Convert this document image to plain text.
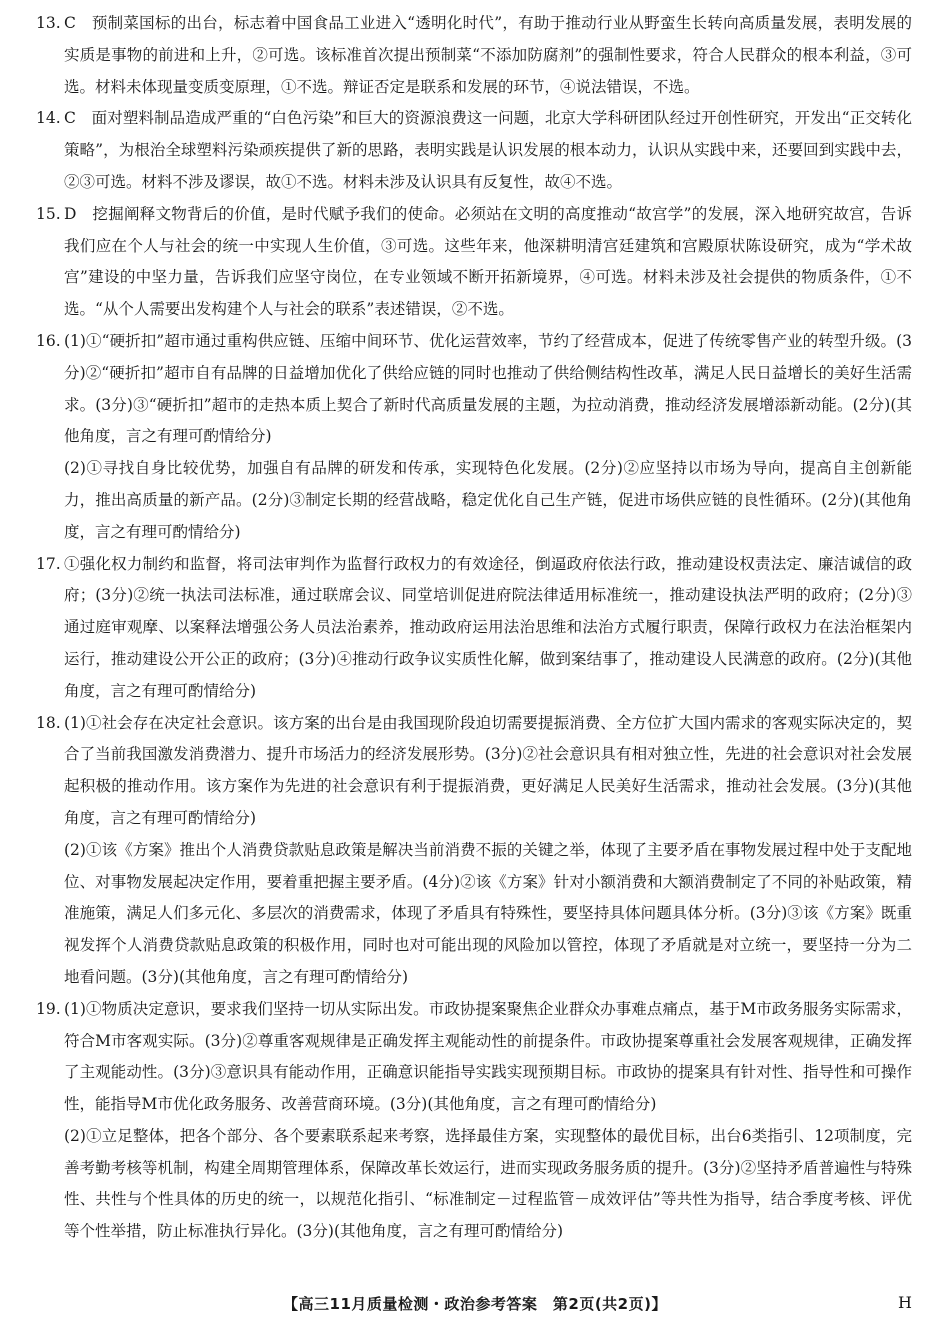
13. C　预制菜国标的出台，标志着中国食品工业进入“透明化时代”，有助于推动行业从野蛮生长转向高质量发展，表明发展的实质是事物的前进和上升，②可选。该标准首次提出预制菜“不添加防腐剂”的强制性要求，符合人民群众的根本利益，③可选。材料未体现量变质变原理，①不选。辩证否定是联系和发展的环节，④说法错误，不选。

14. C　面对塑料制品造成严重的“白色污染”和巨大的资源浪费这一问题，北京大学科研团队经过开创性研究，开发出“正交转化策略”，为根治全球塑料污染顽疾提供了新的思路，表明实践是认识发展的根本动力，认识从实践中来，还要回到实践中去，②③可选。材料不涉及谬误，故①不选。材料未涉及认识具有反复性，故④不选。

15. D　挖掘阐释文物背后的价值，是时代赋予我们的使命。必须站在文明的高度推动“故宫学”的发展，深入地研究故宫，告诉我们应在个人与社会的统一中实现人生价值，③可选。这些年来，他深耕明清宫廷建筑和宫殿原状陈设研究，成为“学术故宫”建设的中坚力量，告诉我们应坚守岗位，在专业领域不断开拓新境界，④可选。材料未涉及社会提供的物质条件，①不选。“从个人需要出发构建个人与社会的联系”表述错误，②不选。

16. (1)①“硬折扣”超市通过重构供应链、压缩中间环节、优化运营效率，节约了经营成本，促进了传统零售产业的转型升级。(3分)②“硬折扣”超市自有品牌的日益增加优化了供给应链的同时也推动了供给侧结构性改革，满足人民日益增长的美好生活需求。(3分)③“硬折扣”超市的走热本质上契合了新时代高质量发展的主题，为拉动消费，推动经济发展增添新动能。(2分)(其他角度，言之有理可酌情给分)

(2)①寻找自身比较优势，加强自有品牌的研发和传承，实现特色化发展。(2分)②应坚持以市场为导向，提高自主创新能力，推出高质量的新产品。(2分)③制定长期的经营战略，稳定优化自己生产链，促进市场供应链的良性循环。(2分)(其他角度，言之有理可酌情给分)

17. ①强化权力制约和监督，将司法审判作为监督行政权力的有效途径，倒逼政府依法行政，推动建设权责法定、廉洁诚信的政府；(3分)②统一执法司法标准，通过联席会议、同堂培训促进府院法律适用标准统一，推动建设执法严明的政府；(2分)③通过庭审观摩、以案释法增强公务人员法治素养，推动政府运用法治思维和法治方式履行职责，保障行政权力在法治框架内运行，推动建设公开公正的政府；(3分)④推动行政争议实质性化解，做到案结事了，推动建设人民满意的政府。(2分)(其他角度，言之有理可酌情给分)

18. (1)①社会存在决定社会意识。该方案的出台是由我国现阶段迫切需要提振消费、全方位扩大国内需求的客观实际决定的，契合了当前我国激发消费潜力、提升市场活力的经济发展形势。(3分)②社会意识具有相对独立性，先进的社会意识对社会发展起积极的推动作用。该方案作为先进的社会意识有利于提振消费，更好满足人民美好生活需求，推动社会发展。(3分)(其他角度，言之有理可酌情给分)

(2)①该《方案》推出个人消费贷款贴息政策是解决当前消费不振的关键之举，体现了主要矛盾在事物发展过程中处于支配地位、对事物发展起决定作用，要着重把握主要矛盾。(4分)②该《方案》针对小额消费和大额消费制定了不同的补贴政策，精准施策，满足人们多元化、多层次的消费需求，体现了矛盾具有特殊性，要坚持具体问题具体分析。(3分)③该《方案》既重视发挥个人消费贷款贴息政策的积极作用，同时也对可能出现的风险加以管控，体现了矛盾就是对立统一，要坚持一分为二地看问题。(3分)(其他角度，言之有理可酌情给分)

19. (1)①物质决定意识，要求我们坚持一切从实际出发。市政协提案聚焦企业群众办事难点痛点，基于M市政务服务实际需求，符合M市客观实际。(3分)②尊重客观规律是正确发挥主观能动性的前提条件。市政协提案尊重社会发展客观规律，正确发挥了主观能动性。(3分)③意识具有能动作用，正确意识能指导实践实现预期目标。市政协的提案具有针对性、指导性和可操作性，能指导M市优化政务服务、改善营商环境。(3分)(其他角度，言之有理可酌情给分)

(2)①立足整体，把各个部分、各个要素联系起来考察，选择最佳方案，实现整体的最优目标，出台6类指引、12项制度，完善考勤考核等机制，构建全周期管理体系，保障改革长效运行，进而实现政务服务质的提升。(3分)②坚持矛盾普遍性与特殊性、共性与个性具体的历史的统一，以规范化指引、“标准制定－过程监管－成效评估”等共性为指导，结合季度考核、评优等个性举措，防止标准执行异化。(3分)(其他角度，言之有理可酌情给分)

【高三11月质量检测・政治参考答案　第2页(共2页)】	H
